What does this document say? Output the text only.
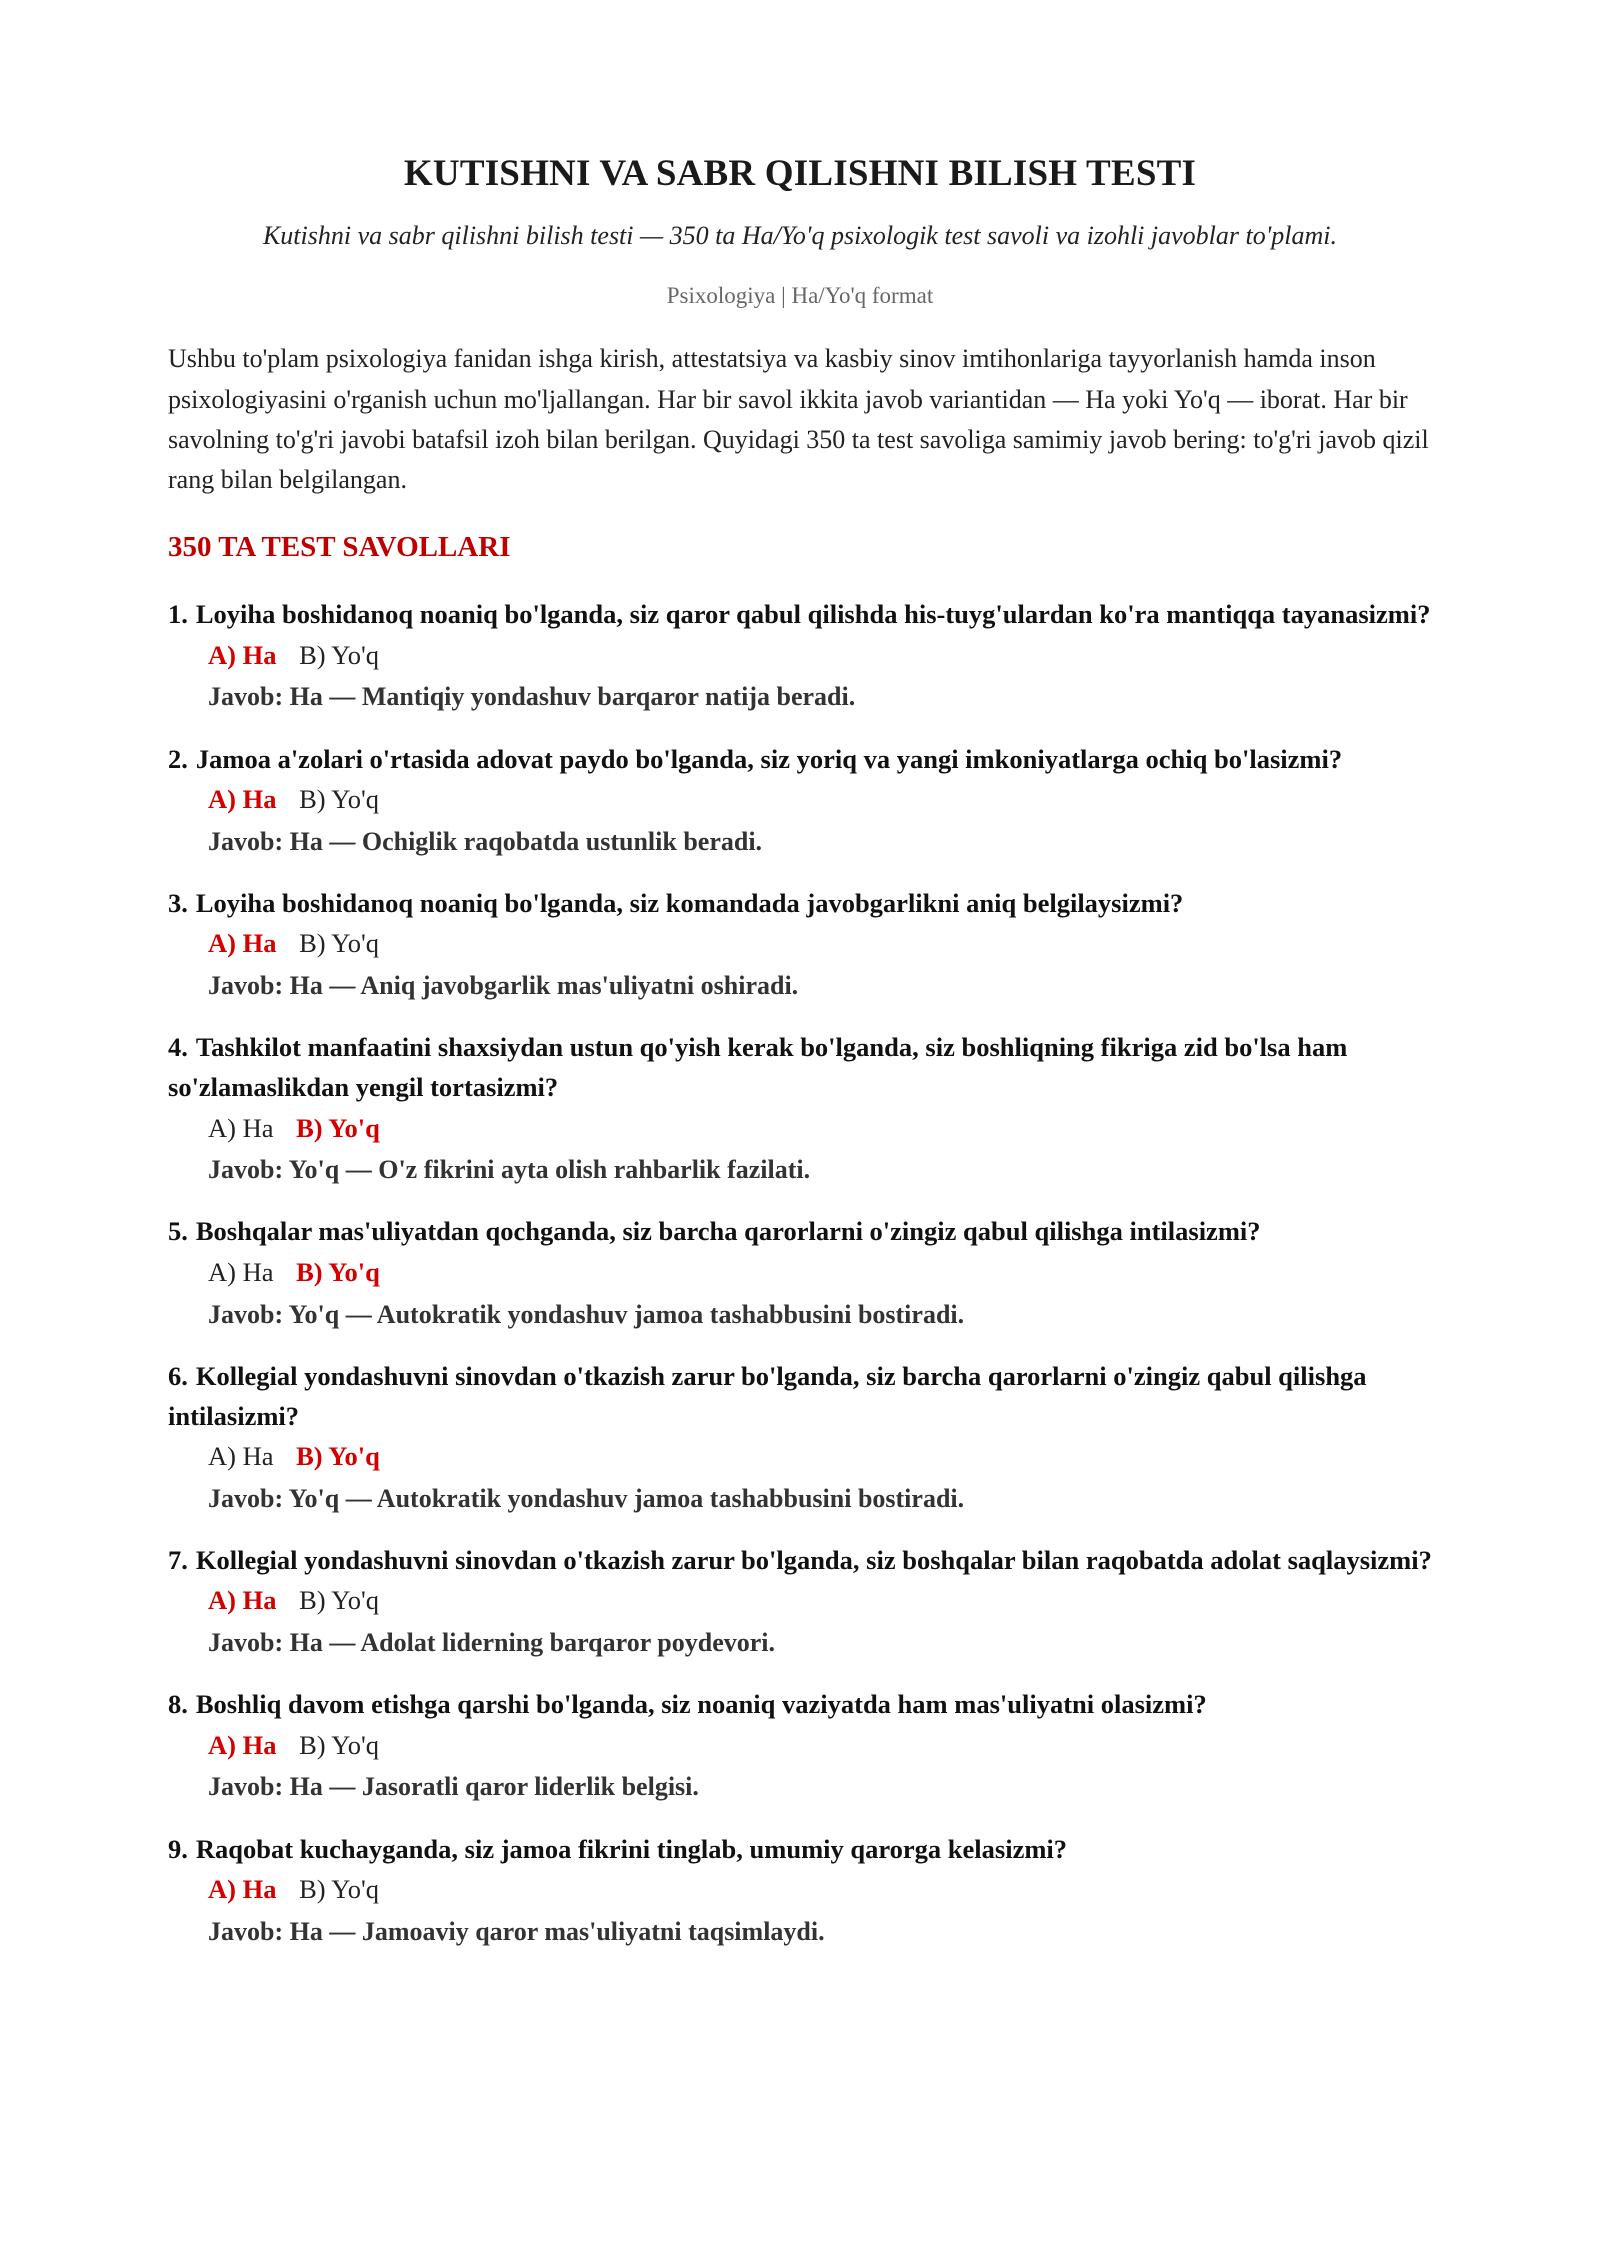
KUTISHNI VA SABR QILISHNI BILISH TESTI

Kutishni va sabr qilishni bilish testi — 350 ta Ha/Yo'q psixologik test savoli va izohli javoblar to'plami.

Psixologiya | Ha/Yo'q format

Ushbu to'plam psixologiya fanidan ishga kirish, attestatsiya va kasbiy sinov imtihonlariga tayyorlanish hamda inson psixologiyasini o'rganish uchun mo'ljallangan. Har bir savol ikkita javob variantidan — Ha yoki Yo'q — iborat. Har bir savolning to'g'ri javobi batafsil izoh bilan berilgan. Quyidagi 350 ta test savoliga samimiy javob bering: to'g'ri javob qizil rang bilan belgilangan.

350 TA TEST SAVOLLARI

1. Loyiha boshidanoq noaniq bo'lganda, siz qaror qabul qilishda his-tuyg'ulardan ko'ra mantiqqa tayanasizmi?

A) Ha B) Yo'q

Javob: Ha — Mantiqiy yondashuv barqaror natija beradi.

2. Jamoa a'zolari o'rtasida adovat paydo bo'lganda, siz yoriq va yangi imkoniyatlarga ochiq bo'lasizmi?

A) Ha B) Yo'q

Javob: Ha — Ochiglik raqobatda ustunlik beradi.

3. Loyiha boshidanoq noaniq bo'lganda, siz komandada javobgarlikni aniq belgilaysizmi?

A) Ha B) Yo'q

Javob: Ha — Aniq javobgarlik mas'uliyatni oshiradi.

4. Tashkilot manfaatini shaxsiydan ustun qo'yish kerak bo'lganda, siz boshliqning fikriga zid bo'lsa ham so'zlamaslikdan yengil tortasizmi?

A) Ha B) Yo'q

Javob: Yo'q — O'z fikrini ayta olish rahbarlik fazilati.

5. Boshqalar mas'uliyatdan qochganda, siz barcha qarorlarni o'zingiz qabul qilishga intilasizmi?

A) Ha B) Yo'q

Javob: Yo'q — Autokratik yondashuv jamoa tashabbusini bostiradi.

6. Kollegial yondashuvni sinovdan o'tkazish zarur bo'lganda, siz barcha qarorlarni o'zingiz qabul qilishga intilasizmi?

A) Ha B) Yo'q

Javob: Yo'q — Autokratik yondashuv jamoa tashabbusini bostiradi.

7. Kollegial yondashuvni sinovdan o'tkazish zarur bo'lganda, siz boshqalar bilan raqobatda adolat saqlaysizmi?

A) Ha B) Yo'q

Javob: Ha — Adolat liderning barqaror poydevori.

8. Boshliq davom etishga qarshi bo'lganda, siz noaniq vaziyatda ham mas'uliyatni olasizmi?

A) Ha B) Yo'q

Javob: Ha — Jasoratli qaror liderlik belgisi.

9. Raqobat kuchayganda, siz jamoa fikrini tinglab, umumiy qarorga kelasizmi?

A) Ha B) Yo'q

Javob: Ha — Jamoaviy qaror mas'uliyatni taqsimlaydi.
